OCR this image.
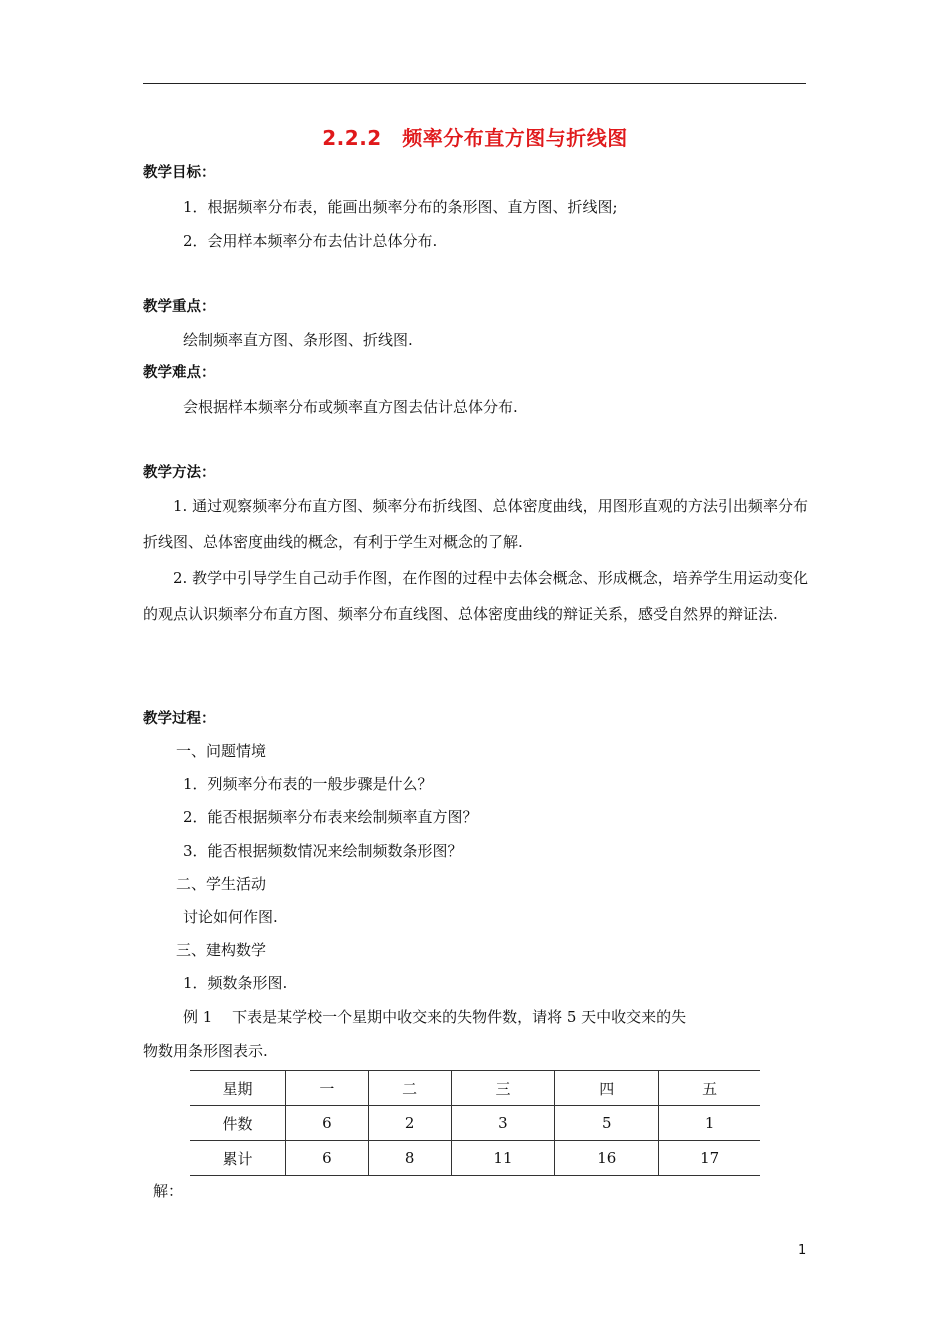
2.2.2　频率分布直方图与折线图
教学目标：
1．根据频率分布表，能画出频率分布的条形图、直方图、折线图;
2．会用样本频率分布去估计总体分布.
教学重点：
绘制频率直方图、条形图、折线图.
教学难点：
会根据样本频率分布或频率直方图去估计总体分布.
教学方法：
1. 通过观察频率分布直方图、频率分布折线图、总体密度曲线，用图形直观的方法引出频率分布折线图、总体密度曲线的概念，有利于学生对概念的了解.
2. 教学中引导学生自己动手作图，在作图的过程中去体会概念、形成概念，培养学生用运动变化的观点认识频率分布直方图、频率分布直线图、总体密度曲线的辩证关系，感受自然界的辩证法.
教学过程：
一、问题情境
1．列频率分布表的一般步骤是什么？
2．能否根据频率分布表来绘制频率直方图？
3．能否根据频数情况来绘制频数条形图？
二、学生活动
讨论如何作图.
三、建构数学
1．频数条形图.
例 1　 下表是某学校一个星期中收交来的失物件数，请将 5 天中收交来的失
物数用条形图表示.
星期	一	二	三	四	五
件数	6	2	3	5	1
累计	6	8	11	16	17
解：
1
